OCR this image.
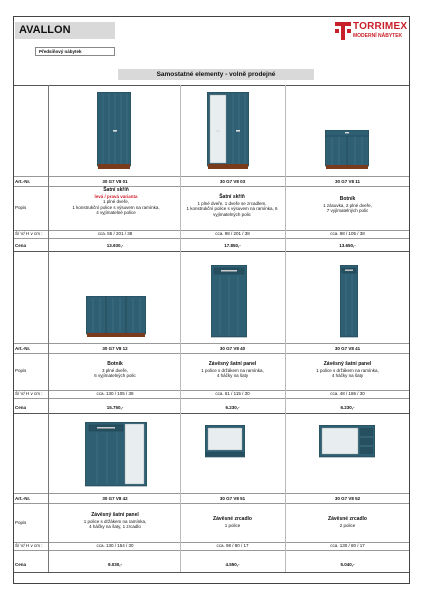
AVALLON
Předsíňový nábytek
TORRIMEX
MODERNÍ NÁBYTEK
Samostatné elementy - volně prodejné
Art.-Nr.
Popis
Š/ V/ H v cm :
Cena
Art.-Nr.
Popis
Š/ V/ H v cm :
Cena
Art.-Nr.
Popis
Š/ V/ H v cm :
Cena
30 G7 V8 01
Šatní skříň
levá / pravá varianta
1 plné dveře,
1 konstrukční police s výsuvem na ramínka,
4 vyjímatelné police
cca. 55 / 201 / 38
13.930,-
30 G7 V8 03
Šatní skříň
1 plné dveře, 1 dveře se zrcadlem,
1 konstrukční police s výsuvem na ramínka, 6
vyjímatelných polic
cca. 98 / 201 / 38
17.850,-
30 G7 V8 11
Botník
1 zásuvka, 2 plné dveře,
7 vyjímatelných polic
cca. 98 / 105 / 38
13.650,-
30 G7 V8 12
Botník
3 plné dveře,
6 vyjímatelných polic
cca. 130 / 105 / 38
15.750,-
30 G7 V8 40
Závěsný šatní panel
1 police s držákem na ramínka,
4 háčky na šaty
cca. 61 / 115 / 30
6.230,-
30 G7 V8 41
Závěsný šatní panel
1 police s držákem na ramínka,
4 háčky na šaty
cca. 48 / 186 / 30
6.230,-
30 G7 V8 42
Závěsný šatní panel
1 police s držákem na ramínka,
4 háčky na šaty, 1 zrcadlo
cca. 130 / 154 / 30
9.030,-
30 G7 V8 51
Závěsné zrcadlo
1 police
cca. 98 / 80 / 17
4.550,-
30 G7 V8 52
Závěsné zrcadlo
2 police
cca. 130 / 80 / 17
5.040,-
